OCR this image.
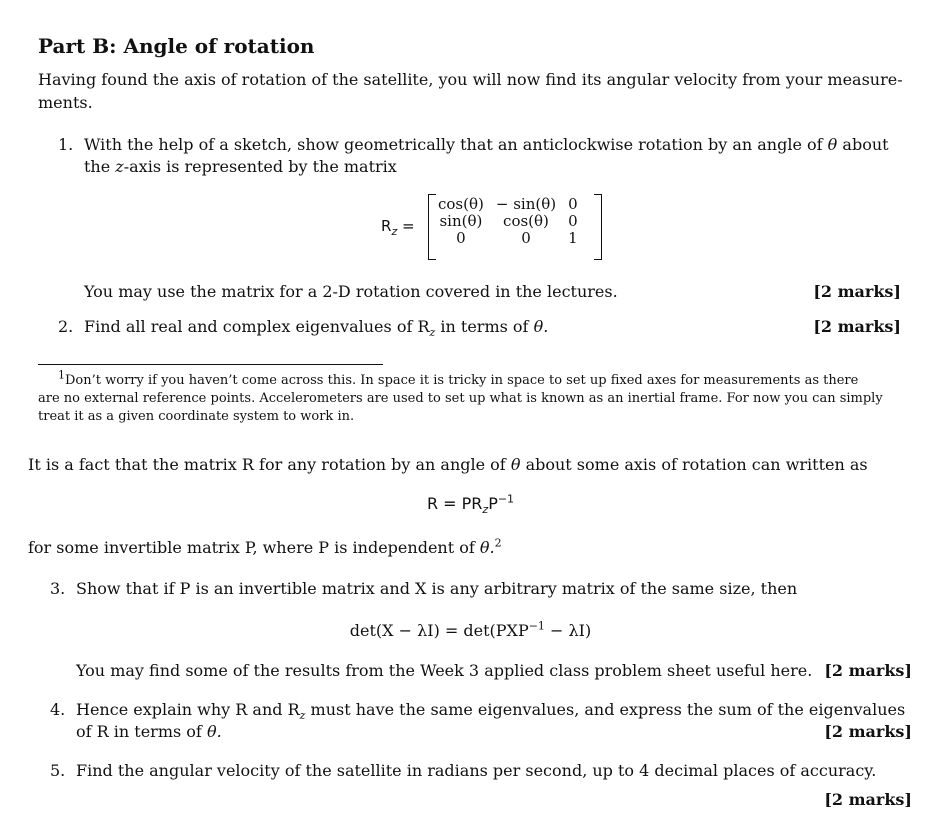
Part B: Angle of rotation
Having found the axis of rotation of the satellite, you will now find its angular velocity from your measure-
ments.
1. With the help of a sketch, show geometrically that an anticlockwise rotation by an angle of θ about
the z-axis is represented by the matrix
$R_z$ =
cos(θ)	− sin(θ)	0
sin(θ)	cos(θ)	0
0	0	1
You may use the matrix for a 2-D rotation covered in the lectures.	[2 marks]
2. Find all real and complex eigenvalues of $R_z$ in terms of θ.	[2 marks]
$^1$Don’t worry if you haven’t come across this. In space it is tricky in space to set up fixed axes for measurements as there
are no external reference points. Accelerometers are used to set up what is known as an inertial frame. For now you can simply
treat it as a given coordinate system to work in.
It is a fact that the matrix R for any rotation by an angle of θ about some axis of rotation can written as
$R = PR_zP^{-1}$
for some invertible matrix P, where P is independent of θ.$^2$
3. Show that if P is an invertible matrix and X is any arbitrary matrix of the same size, then
$\det(X - \lambda I) = \det(PXP^{-1} - \lambda I)$
You may find some of the results from the Week 3 applied class problem sheet useful here. [2 marks]
4. Hence explain why R and $R_z$ must have the same eigenvalues, and express the sum of the eigenvalues
of R in terms of θ.	[2 marks]
5. Find the angular velocity of the satellite in radians per second, up to 4 decimal places of accuracy.
[2 marks]
